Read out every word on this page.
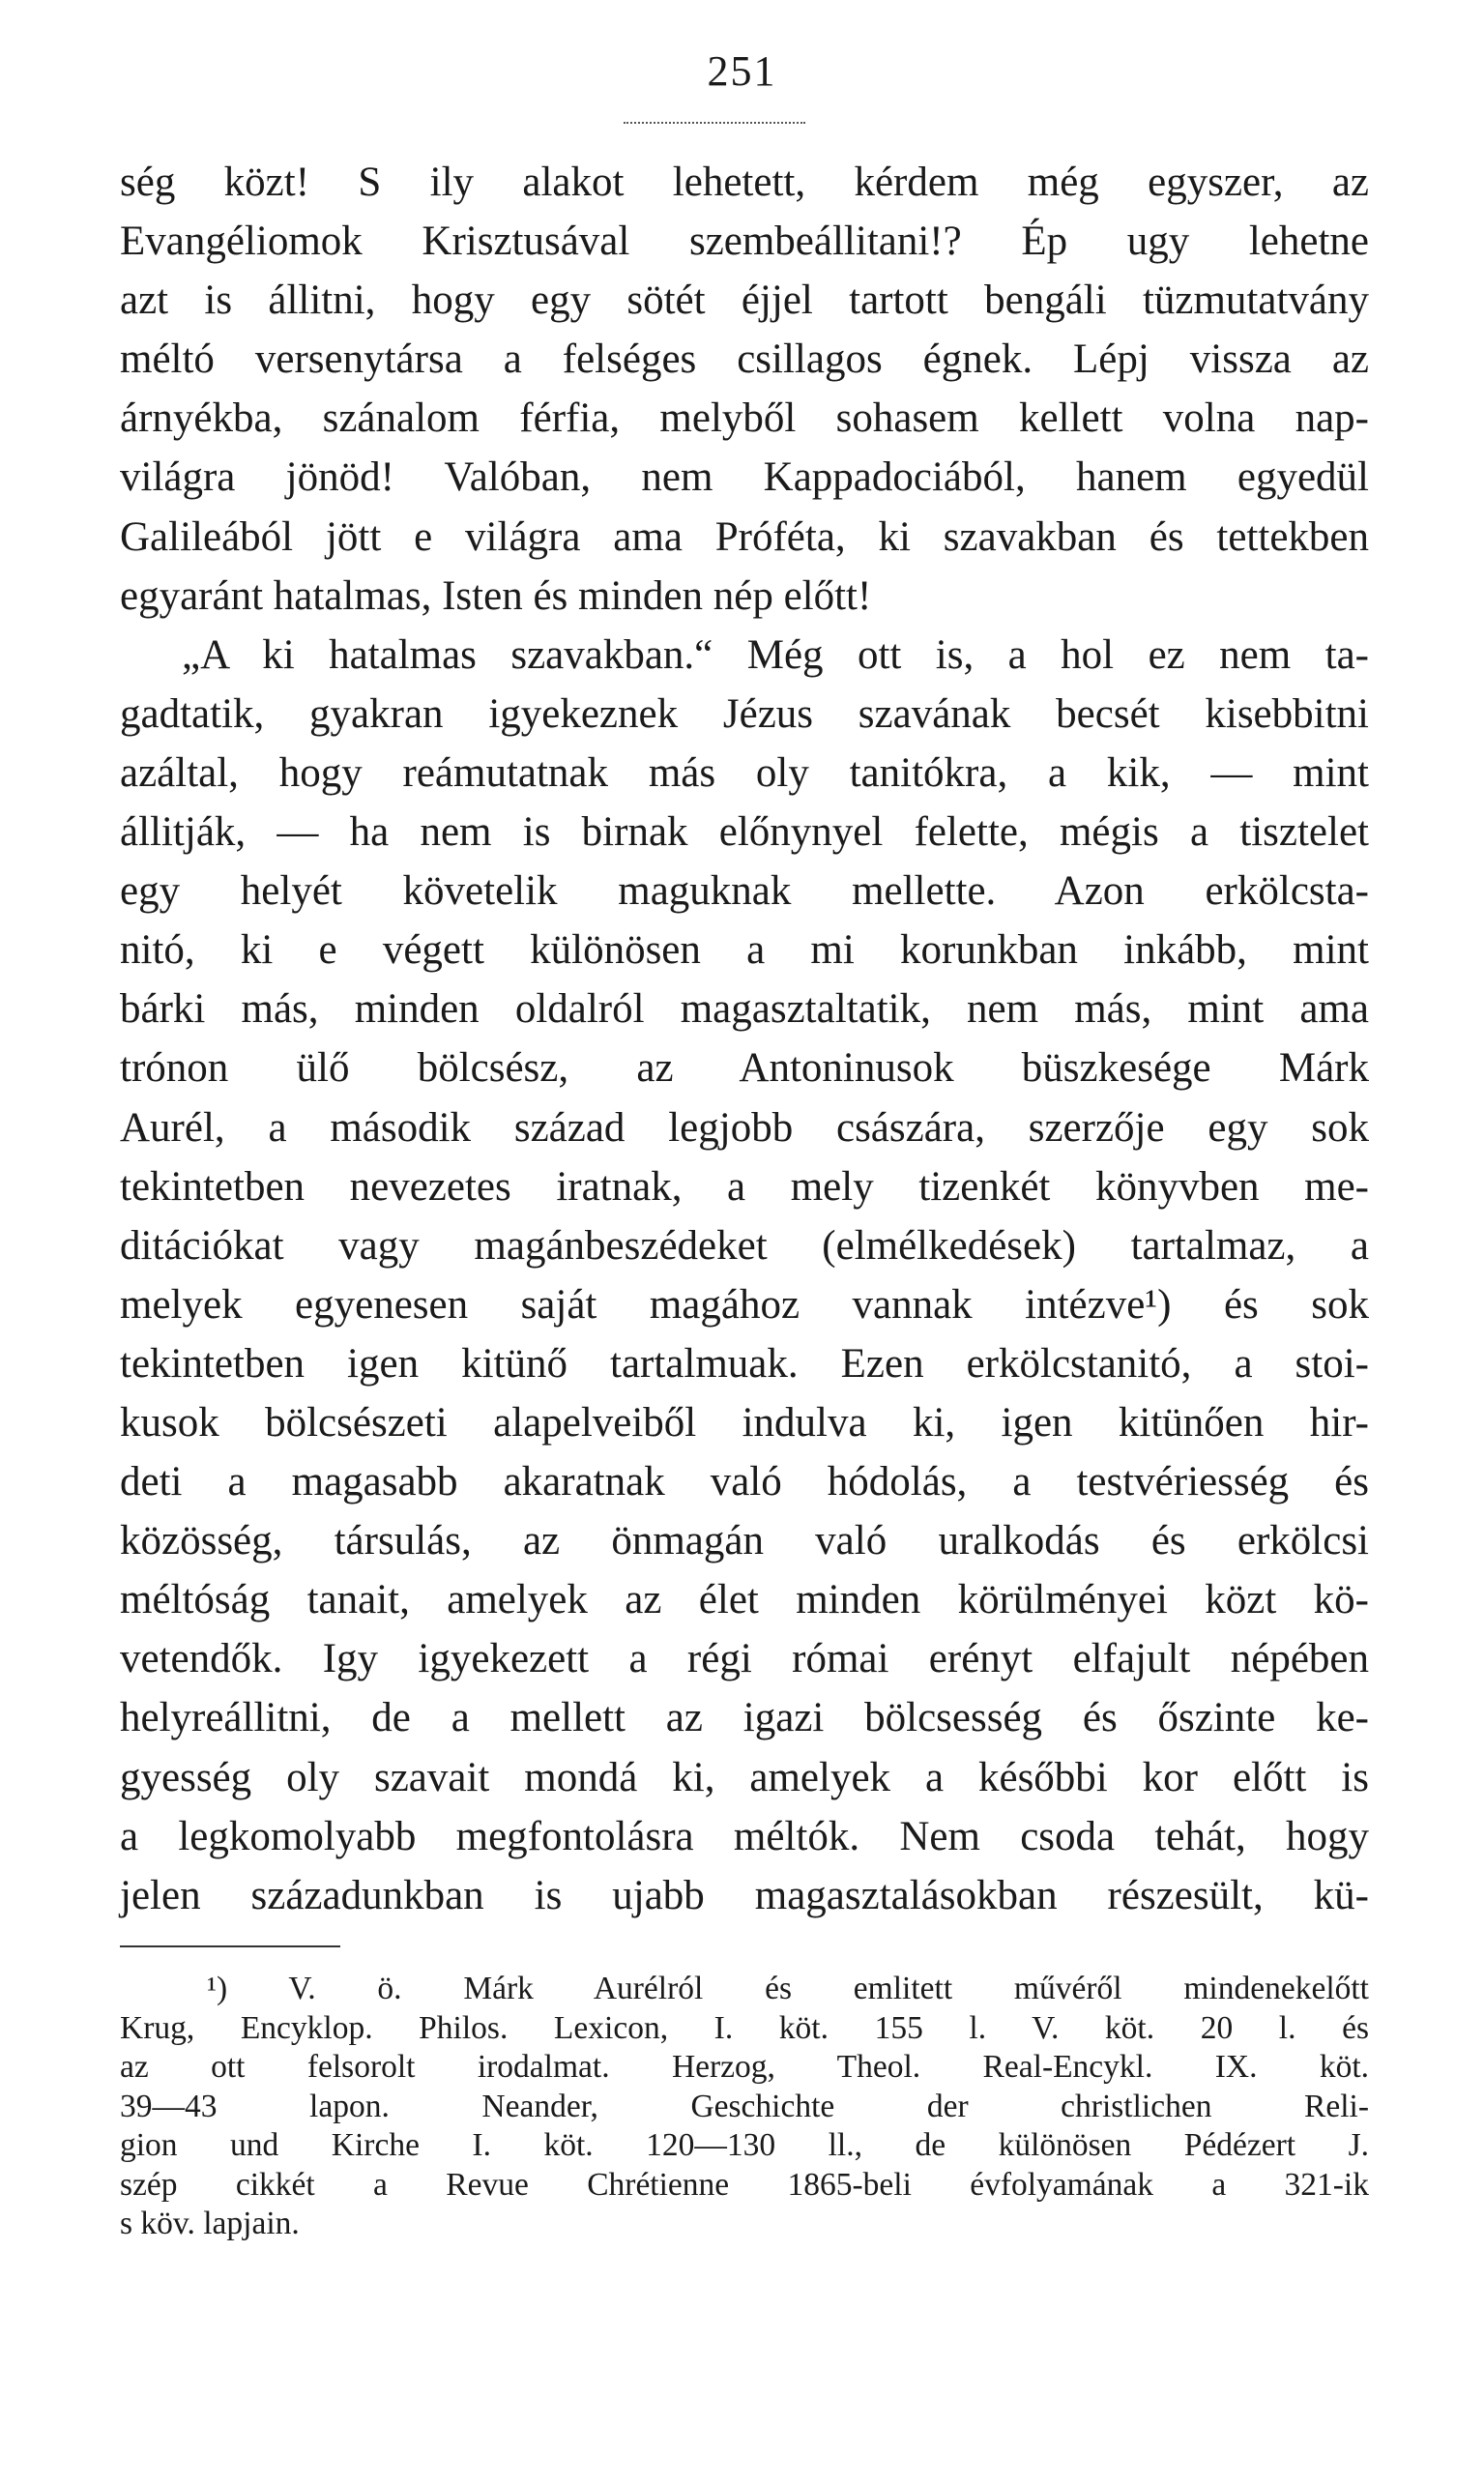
251
ség közt! S ily alakot lehetett, kérdem még egyszer, az
Evangéliomok Krisztusával szembeállitani!? Ép ugy lehetne
azt is állitni, hogy egy sötét éjjel tartott bengáli tüzmutatvány
méltó versenytársa a felséges csillagos égnek. Lépj vissza az
árnyékba, szánalom férfia, melyből sohasem kellett volna nap-
világra jönöd! Valóban, nem Kappadociából, hanem egyedül
Galileából jött e világra ama Próféta, ki szavakban és tettekben
egyaránt hatalmas, Isten és minden nép előtt!
„A ki hatalmas szavakban.“ Még ott is, a hol ez nem ta-
gadtatik, gyakran igyekeznek Jézus szavának becsét kisebbitni
azáltal, hogy reámutatnak más oly tanitókra, a kik, — mint
állitják, — ha nem is birnak előnynyel felette, mégis a tisztelet
egy helyét követelik maguknak mellette. Azon erkölcsta-
nitó, ki e végett különösen a mi korunkban inkább, mint
bárki más, minden oldalról magasztaltatik, nem más, mint ama
trónon ülő bölcsész, az Antoninusok büszkesége Márk
Aurél, a második század legjobb császára, szerzője egy sok
tekintetben nevezetes iratnak, a mely tizenkét könyvben me-
ditációkat vagy magánbeszédeket (elmélkedések) tartalmaz, a
melyek egyenesen saját magához vannak intézve¹) és sok
tekintetben igen kitünő tartalmuak. Ezen erkölcstanitó, a stoi-
kusok bölcsészeti alapelveiből indulva ki, igen kitünően hir-
deti a magasabb akaratnak való hódolás, a testvériesség és
közösség, társulás, az önmagán való uralkodás és erkölcsi
méltóság tanait, amelyek az élet minden körülményei közt kö-
vetendők. Igy igyekezett a régi római erényt elfajult népében
helyreállitni, de a mellett az igazi bölcsesség és őszinte ke-
gyesség oly szavait mondá ki, amelyek a későbbi kor előtt is
a legkomolyabb megfontolásra méltók. Nem csoda tehát, hogy
jelen századunkban is ujabb magasztalásokban részesült, kü-
¹) V. ö. Márk Aurélról és emlitett művéről mindenekelőtt
Krug, Encyklop. Philos. Lexicon, I. köt. 155 l. V. köt. 20 l. és
az ott felsorolt irodalmat. Herzog, Theol. Real-Encykl. IX. köt.
39—43 lapon. Neander, Geschichte der christlichen Reli-
gion und Kirche I. köt. 120—130 ll., de különösen Pédézert J.
szép cikkét a Revue Chrétienne 1865-beli évfolyamának a 321-ik
s köv. lapjain.
